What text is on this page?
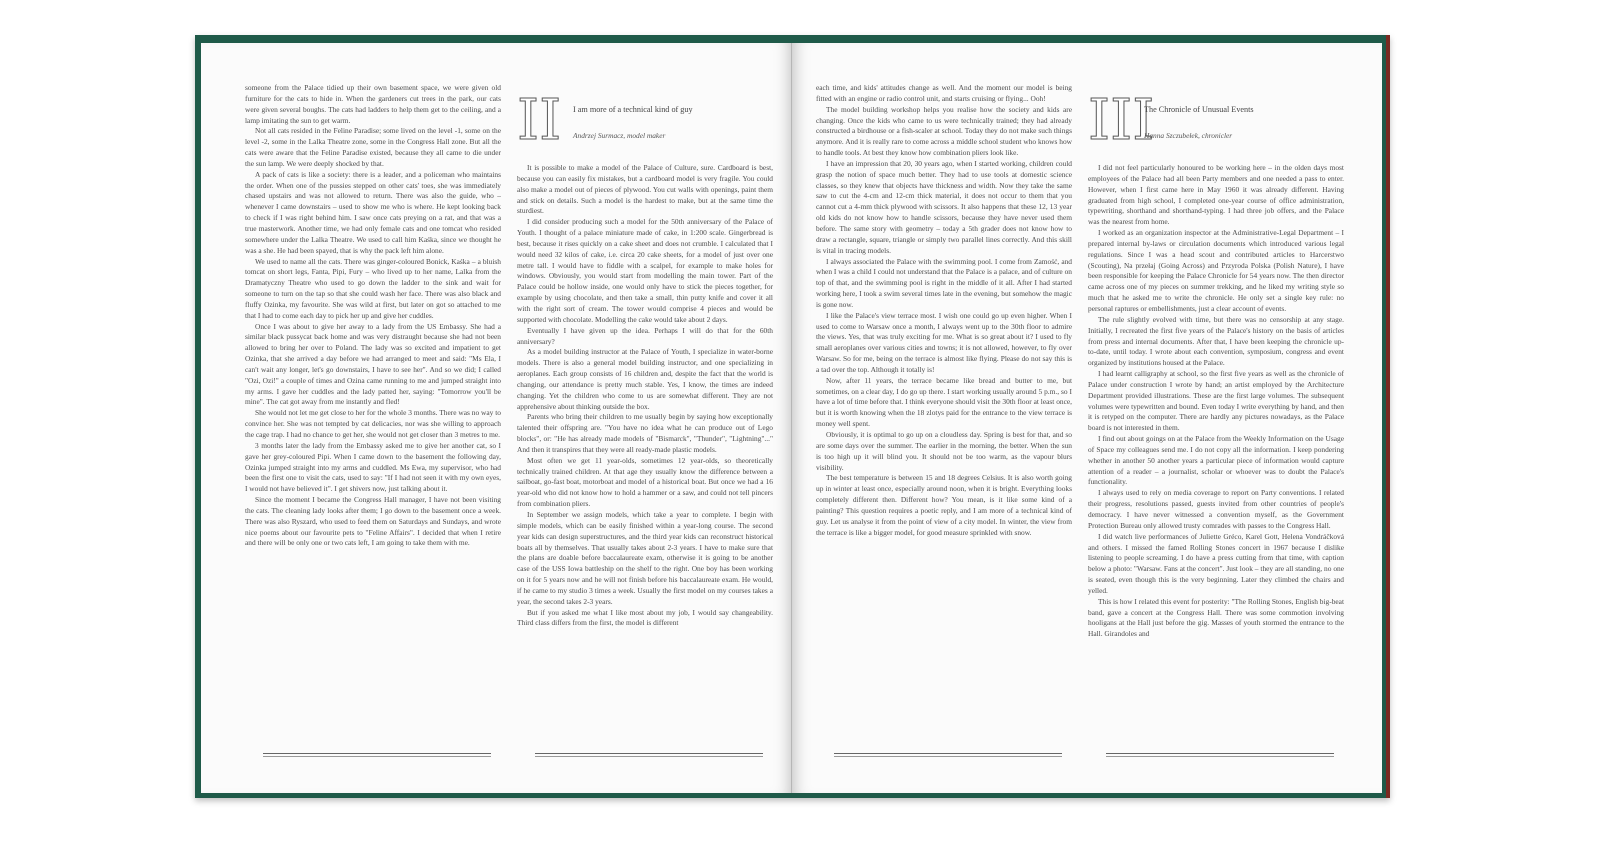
someone from the Palace tidied up their own basement space, we were given old furniture for the cats to hide in. When the gardeners cut trees in the park, our cats were given several boughs. The cats had ladders to help them get to the ceiling, and a lamp imitating the sun to get warm.

Not all cats resided in the Feline Paradise; some lived on the level -1, some on the level -2, some in the Lalka Theatre zone, some in the Congress Hall zone. But all the cats were aware that the Feline Paradise existed, because they all came to die under the sun lamp. We were deeply shocked by that.

A pack of cats is like a society: there is a leader, and a policeman who maintains the order. When one of the pussies stepped on other cats' toes, she was immediately chased upstairs and was not allowed to return. There was also the guide, who – whenever I came downstairs – used to show me who is where. He kept looking back to check if I was right behind him. I saw once cats preying on a rat, and that was a true masterwork. Another time, we had only female cats and one tomcat who resided somewhere under the Lalka Theatre. We used to call him Kaśka, since we thought he was a she. He had been spayed, that is why the pack left him alone.

We used to name all the cats. There was ginger-coloured Bonick, Kaśka – a bluish tomcat on short legs, Fanta, Pipi, Fury – who lived up to her name, Lalka from the Dramatyczny Theatre who used to go down the ladder to the sink and wait for someone to turn on the tap so that she could wash her face. There was also black and fluffy Ozinka, my favourite. She was wild at first, but later on got so attached to me that I had to come each day to pick her up and give her cuddles.

Once I was about to give her away to a lady from the US Embassy. She had a similar black pussycat back home and was very distraught because she had not been allowed to bring her over to Poland. The lady was so excited and impatient to get Ozinka, that she arrived a day before we had arranged to meet and said: "Ms Ela, I can't wait any longer, let's go downstairs, I have to see her". And so we did; I called "Ozi, Ozi!" a couple of times and Ozina came running to me and jumped straight into my arms. I gave her cuddles and the lady patted her, saying: "Tomorrow you'll be mine". The cat got away from me instantly and fled!

She would not let me get close to her for the whole 3 months. There was no way to convince her. She was not tempted by cat delicacies, nor was she willing to approach the cage trap. I had no chance to get her, she would not get closer than 3 metres to me.

3 months later the lady from the Embassy asked me to give her another cat, so I gave her grey-coloured Pipi. When I came down to the basement the following day, Ozinka jumped straight into my arms and cuddled. Ms Ewa, my supervisor, who had been the first one to visit the cats, used to say: "If I had not seen it with my own eyes, I would not have believed it". I get shivers now, just talking about it.

Since the moment I became the Congress Hall manager, I have not been visiting the cats. The cleaning lady looks after them; I go down to the basement once a week. There was also Ryszard, who used to feed them on Saturdays and Sundays, and wrote nice poems about our favourite pets to "Feline Affairs". I decided that when I retire and there will be only one or two cats left, I am going to take them with me.

II I am more of a technical kind of guy
Andrzej Surmacz, model maker

It is possible to make a model of the Palace of Culture, sure. Cardboard is best, because you can easily fix mistakes, but a cardboard model is very fragile. You could also make a model out of pieces of plywood. You cut walls with openings, paint them and stick on details. Such a model is the hardest to make, but at the same time the sturdiest.

I did consider producing such a model for the 50th anniversary of the Palace of Youth. I thought of a palace miniature made of cake, in 1:200 scale. Gingerbread is best, because it rises quickly on a cake sheet and does not crumble. I calculated that I would need 32 kilos of cake, i.e. circa 20 cake sheets, for a model of just over one metre tall. I would have to fiddle with a scalpel, for example to make holes for windows. Obviously, you would start from modelling the main tower. Part of the Palace could be hollow inside, one would only have to stick the pieces together, for example by using chocolate, and then take a small, thin putty knife and cover it all with the right sort of cream. The tower would comprise 4 pieces and would be supported with chocolate. Modelling the cake would take about 2 days.

Eventually I have given up the idea. Perhaps I will do that for the 60th anniversary?

As a model building instructor at the Palace of Youth, I specialize in water-borne models. There is also a general model building instructor, and one specializing in aeroplanes. Each group consists of 16 children and, despite the fact that the world is changing, our attendance is pretty much stable. Yes, I know, the times are indeed changing. Yet the children who come to us are somewhat different. They are not apprehensive about thinking outside the box.

Parents who bring their children to me usually begin by saying how exceptionally talented their offspring are. "You have no idea what he can produce out of Lego blocks", or: "He has already made models of "Bismarck", "Thunder", "Lightning"..." And then it transpires that they were all ready-made plastic models.

Most often we get 11 year-olds, sometimes 12 year-olds, so theoretically technically trained children. At that age they usually know the difference between a sailboat, go-fast boat, motorboat and model of a historical boat. But once we had a 16 year-old who did not know how to hold a hammer or a saw, and could not tell pincers from combination pliers.

In September we assign models, which take a year to complete. I begin with simple models, which can be easily finished within a year-long course. The second year kids can design superstructures, and the third year kids can reconstruct historical boats all by themselves. That usually takes about 2-3 years. I have to make sure that the plans are doable before baccalaureate exam, otherwise it is going to be another case of the USS Iowa battleship on the shelf to the right. One boy has been working on it for 5 years now and he will not finish before his baccalaureate exam. He would, if he came to my studio 3 times a week. Usually the first model on my courses takes a year, the second takes 2-3 years.

But if you asked me what I like most about my job, I would say changeability. Third class differs from the first, the model is different

each time, and kids' attitudes change as well. And the moment our model is being fitted with an engine or radio control unit, and starts cruising or flying... Ooh!

The model building workshop helps you realise how the society and kids are changing. Once the kids who came to us were technically trained; they had already constructed a birdhouse or a fish-scaler at school. Today they do not make such things anymore. And it is really rare to come across a middle school student who knows how to handle tools. At best they know how combination pliers look like.

I have an impression that 20, 30 years ago, when I started working, children could grasp the notion of space much better. They had to use tools at domestic science classes, so they knew that objects have thickness and width. Now they take the same saw to cut the 4-cm and 12-cm thick material, it does not occur to them that you cannot cut a 4-mm thick plywood with scissors. It also happens that these 12, 13 year old kids do not know how to handle scissors, because they have never used them before. The same story with geometry – today a 5th grader does not know how to draw a rectangle, square, triangle or simply two parallel lines correctly. And this skill is vital in tracing models.

I always associated the Palace with the swimming pool. I come from Zamość, and when I was a child I could not understand that the Palace is a palace, and of culture on top of that, and the swimming pool is right in the middle of it all. After I had started working here, I took a swim several times late in the evening, but somehow the magic is gone now.

I like the Palace's view terrace most. I wish one could go up even higher. When I used to come to Warsaw once a month, I always went up to the 30th floor to admire the views. Yes, that was truly exciting for me. What is so great about it? I used to fly small aeroplanes over various cities and towns; it is not allowed, however, to fly over Warsaw. So for me, being on the terrace is almost like flying. Please do not say this is a tad over the top. Although it totally is!

Now, after 11 years, the terrace became like bread and butter to me, but sometimes, on a clear day, I do go up there. I start working usually around 5 p.m., so I have a lot of time before that. I think everyone should visit the 30th floor at least once, but it is worth knowing when the 18 zlotys paid for the entrance to the view terrace is money well spent.

Obviously, it is optimal to go up on a cloudless day. Spring is best for that, and so are some days over the summer. The earlier in the morning, the better. When the sun is too high up it will blind you. It should not be too warm, as the vapour blurs visibility.

The best temperature is between 15 and 18 degrees Celsius. It is also worth going up in winter at least once, especially around noon, when it is bright. Everything looks completely different then. Different how? You mean, is it like some kind of a painting? This question requires a poetic reply, and I am more of a technical kind of guy. Let us analyse it from the point of view of a city model. In winter, the view from the terrace is like a bigger model, for good measure sprinkled with snow.

III
The Chronicle of Unusual Events
Hanna Szczubełek, chronicler

I did not feel particularly honoured to be working here – in the olden days most employees of the Palace had all been Party members and one needed a pass to enter. However, when I first came here in May 1960 it was already different. Having graduated from high school, I completed one-year course of office administration, typewriting, shorthand and shorthand-typing. I had three job offers, and the Palace was the nearest from home.

I worked as an organization inspector at the Administrative-Legal Department – I prepared internal by-laws or circulation documents which introduced various legal regulations. Since I was a head scout and contributed articles to Harcerstwo (Scouting), Na przełaj (Going Across) and Przyroda Polska (Polish Nature), I have been responsible for keeping the Palace Chronicle for 54 years now. The then director came across one of my pieces on summer trekking, and he liked my writing style so much that he asked me to write the chronicle. He only set a single key rule: no personal raptures or embellishments, just a clear account of events.

The rule slightly evolved with time, but there was no censorship at any stage. Initially, I recreated the first five years of the Palace's history on the basis of articles from press and internal documents. After that, I have been keeping the chronicle up-to-date, until today. I wrote about each convention, symposium, congress and event organized by institutions housed at the Palace.

I had learnt calligraphy at school, so the first five years as well as the chronicle of Palace under construction I wrote by hand; an artist employed by the Architecture Department provided illustrations. These are the first large volumes. The subsequent volumes were typewritten and bound. Even today I write everything by hand, and then it is retyped on the computer. There are hardly any pictures nowadays, as the Palace board is not interested in them.

I find out about goings on at the Palace from the Weekly Information on the Usage of Space my colleagues send me. I do not copy all the information. I keep pondering whether in another 50 another years a particular piece of information would capture attention of a reader – a journalist, scholar or whoever was to doubt the Palace's functionality.

I always used to rely on media coverage to report on Party conventions. I related their progress, resolutions passed, guests invited from other countries of people's democracy. I have never witnessed a convention myself, as the Government Protection Bureau only allowed trusty comrades with passes to the Congress Hall.

I did watch live performances of Juliette Gréco, Karel Gott, Helena Vondráčková and others. I missed the famed Rolling Stones concert in 1967 because I dislike listening to people screaming. I do have a press cutting from that time, with caption below a photo: "Warsaw. Fans at the concert". Just look – they are all standing, no one is seated, even though this is the very beginning. Later they climbed the chairs and yelled.

This is how I related this event for posterity: "The Rolling Stones, English big-beat band, gave a concert at the Congress Hall. There was some commotion involving hooligans at the Hall just before the gig. Masses of youth stormed the entrance to the Hall. Girandoles and
